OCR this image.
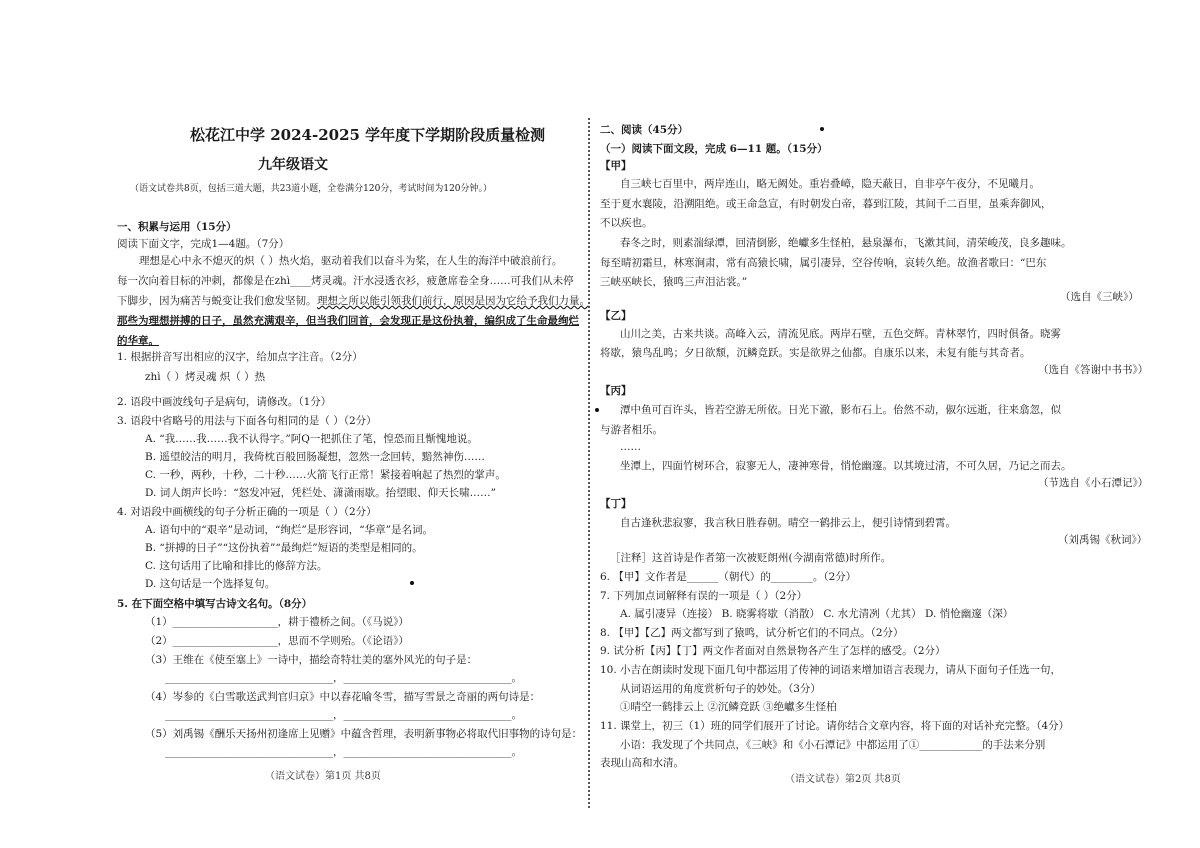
松花江中学 2024-2025 学年度下学期阶段质量检测
九年级语文
（语文试卷共8页，包括三道大题，共23道小题，全卷满分120分，考试时间为120分钟。）
一、积累与运用（15分）
阅读下面文字，完成1—4题。（7分）
理想是心中永不熄灭的炽（ ）热火焰，驱动着我们以奋斗为桨，在人生的海洋中破浪前行。
每一次向着目标的冲刺，都像是在zhì____烤灵魂。汗水浸透衣衫，疲惫席卷全身……可我们从未停
下脚步，因为痛苦与蜕变让我们愈发坚韧。 理想之所以能引领我们前行，原因是因为它给予我们力量。
那些为理想拼搏的日子，虽然充满艰辛，但当我们回首，会发现正是这份执着，编织成了生命最绚烂
的华章。
1. 根据拼音写出相应的汉字，给加点字注音。（2分）
zhì（ ）烤灵魂 炽（ ）热
2. 语段中画波线句子是病句，请修改。（1分）
3. 语段中省略号的用法与下面各句相同的是（ ）（2分）
A. “我……我……我不认得字。”阿Q一把抓住了笔，惶恐而且惭愧地说。
B. 遥望皎洁的明月，我倚枕百般回肠凝想，忽然一念回转，黯然神伤……
C. 一秒，两秒，十秒，二十秒……火箭飞行正常！紧接着响起了热烈的掌声。
D. 词人朗声长吟：“怒发冲冠，凭栏处、潇潇雨歇。抬望眼、仰天长啸……”
4. 对语段中画横线的句子分析正确的一项是（ ）（2分）
A. 语句中的“艰辛”是动词，“绚烂”是形容词，“华章”是名词。
B. “拼搏的日子”“这份执着”“最绚烂”短语的类型是相同的。
C. 这句话用了比喻和排比的修辞方法。
D. 这句话是一个选择复句。
5. 在下面空格中填写古诗文名句。（8分）
（1）____________________，耕于禮桥之间。（《马说》）
（2）____________________，思而不学则殆。（《论语》）
（3）王维在《使至塞上》一诗中，描绘奇特壮美的塞外风光的句子是：
________________________________，________________________________。
（4）岑参的《白雪歌送武判官归京》中以春花喻冬雪，描写雪景之奇丽的两句诗是：
________________________________，________________________________。
（5）刘禹锡《酬乐天扬州初逢席上见赠》中蕴含哲理，表明新事物必将取代旧事物的诗句是：
________________________________，________________________________。
（语文试卷）第1页 共8页
二、阅读（45分）
（一）阅读下面文段，完成 6—11 题。（15分）
【甲】
自三峡七百里中，两岸连山，略无阙处。重岩叠嶂，隐天蔽日，自非亭午夜分，不见曦月。
至于夏水襄陵，沿溯阻绝。或王命急宣，有时朝发白帝，暮到江陵，其间千二百里，虽乘奔御风，
不以疾也。
春冬之时，则素湍绿潭，回清倒影，绝巘多生怪柏，悬泉瀑布，飞漱其间，清荣峻茂，良多趣味。
每至晴初霜旦，林寒涧肃，常有高猿长啸，属引凄异，空谷传响，哀转久绝。故渔者歌曰：“巴东
三峡巫峡长，猿鸣三声泪沾裳。”
（选自《三峡》）
【乙】
山川之美，古来共谈。高峰入云，清流见底。两岸石壁，五色交辉。青林翠竹，四时俱备。晓雾
将歇，猿鸟乱鸣；夕日欲颓，沉鳞竞跃。实是欲界之仙都。自康乐以来，未复有能与其奇者。
（选自《答谢中书书》）
【丙】
潭中鱼可百许头，皆若空游无所依。日光下澈，影布石上。佁然不动，俶尔远逝，往来翕忽，似
与游者相乐。
……
坐潭上，四面竹树环合，寂寥无人，凄神寒骨，悄怆幽邃。以其境过清，不可久居，乃记之而去。
（节选自《小石潭记》）
【丁】
自古逢秋悲寂寥，我言秋日胜春朝。晴空一鹤排云上，便引诗情到碧霄。
（刘禹锡《秋词》）
［注释］这首诗是作者第一次被贬朗州(今湖南常德)时所作。
6. 【甲】文作者是______（朝代）的________。（2分）
7. 下列加点词解释有误的一项是（ ）（2分）
A. 属引凄异（连接） B. 晓雾将歇（消散） C. 水尤清冽（尤其） D. 悄怆幽邃（深）
8. 【甲】【乙】两文都写到了猿鸣，试分析它们的不同点。（2分）
9. 试分析【丙】【丁】两文作者面对自然景物各产生了怎样的感受。（2分）
10. 小吉在朗读时发现下面几句中都运用了传神的词语来增加语言表现力，请从下面句子任选一句，
从词语运用的角度赏析句子的妙处。（3分）
①晴空一鹤排云上 ②沉鳞竞跃 ③绝巘多生怪柏
11. 课堂上，初三（1）班的同学们展开了讨论。请你结合文章内容，将下面的对话补充完整。（4分）
小语：我发现了个共同点，《三峡》和《小石潭记》中都运用了①____________的手法来分别
表现山高和水清。
（语文试卷）第2页 共8页
